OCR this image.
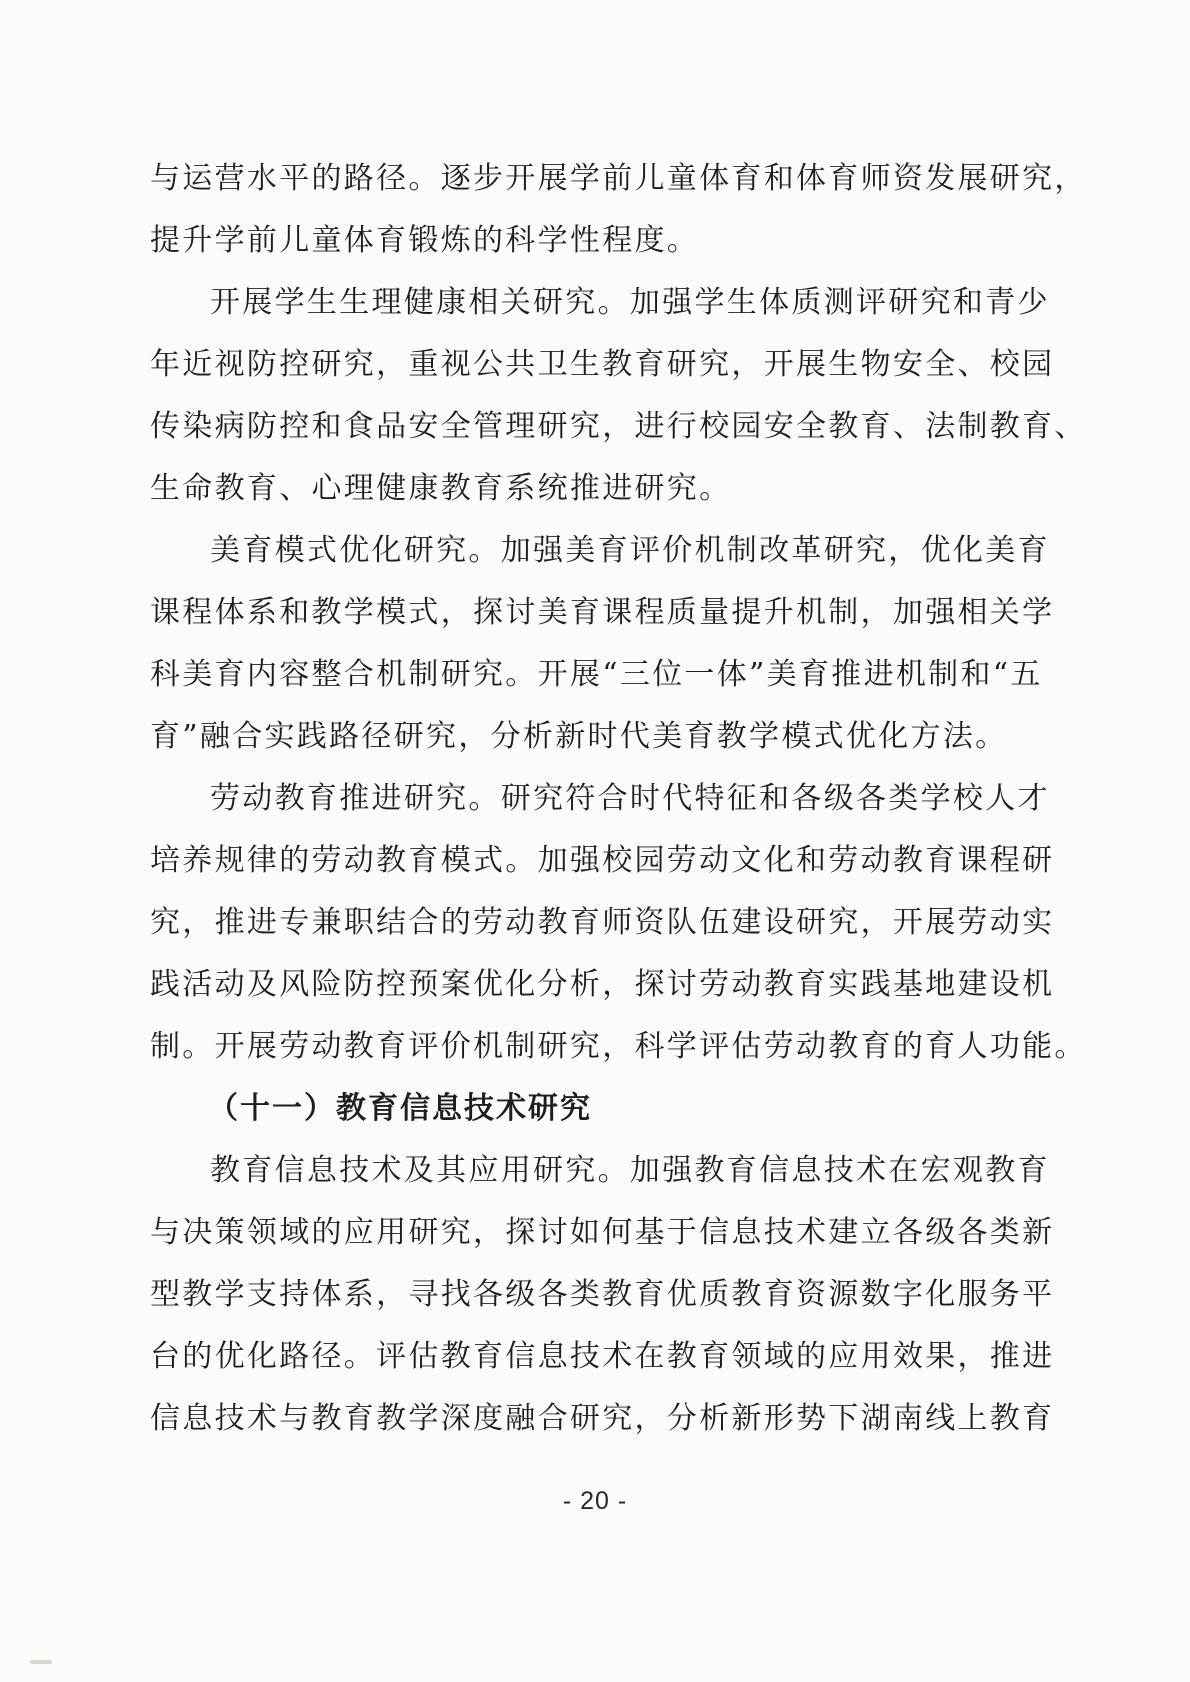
与运营水平的路径。逐步开展学前儿童体育和体育师资发展研究，
提升学前儿童体育锻炼的科学性程度。
开展学生生理健康相关研究。加强学生体质测评研究和青少
年近视防控研究，重视公共卫生教育研究，开展生物安全、校园
传染病防控和食品安全管理研究，进行校园安全教育、法制教育、
生命教育、心理健康教育系统推进研究。
美育模式优化研究。加强美育评价机制改革研究，优化美育
课程体系和教学模式，探讨美育课程质量提升机制，加强相关学
科美育内容整合机制研究。开展“三位一体”美育推进机制和“五
育”融合实践路径研究，分析新时代美育教学模式优化方法。
劳动教育推进研究。研究符合时代特征和各级各类学校人才
培养规律的劳动教育模式。加强校园劳动文化和劳动教育课程研
究，推进专兼职结合的劳动教育师资队伍建设研究，开展劳动实
践活动及风险防控预案优化分析，探讨劳动教育实践基地建设机
制。开展劳动教育评价机制研究，科学评估劳动教育的育人功能。
（十一）教育信息技术研究
教育信息技术及其应用研究。加强教育信息技术在宏观教育
与决策领域的应用研究，探讨如何基于信息技术建立各级各类新
型教学支持体系，寻找各级各类教育优质教育资源数字化服务平
台的优化路径。评估教育信息技术在教育领域的应用效果，推进
信息技术与教育教学深度融合研究，分析新形势下湖南线上教育
- 20 -
